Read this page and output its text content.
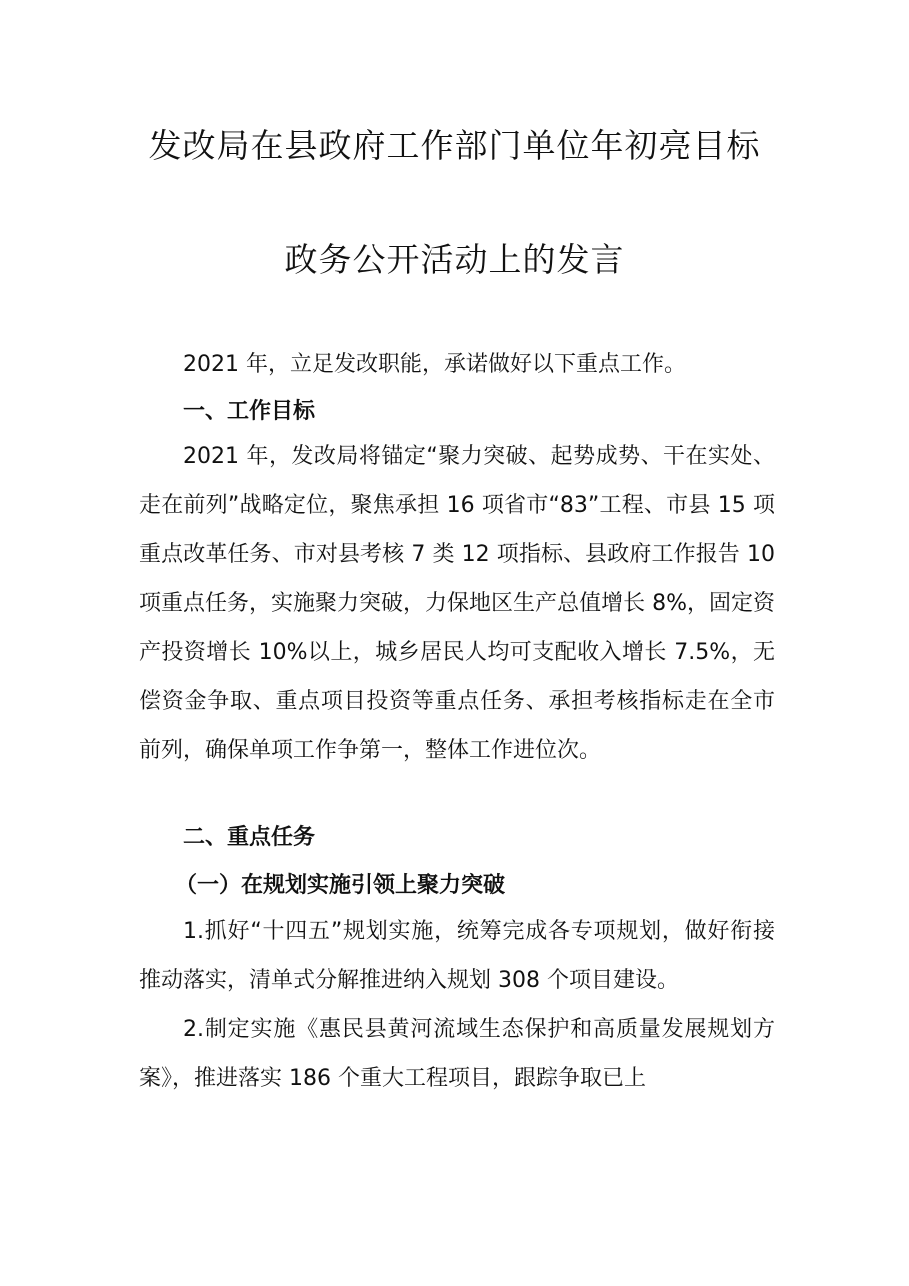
发改局在县政府工作部门单位年初亮目标
政务公开活动上的发言

2021 年，立足发改职能，承诺做好以下重点工作。

一、工作目标

2021 年，发改局将锚定“聚力突破、起势成势、干在实处、走在前列”战略定位，聚焦承担 16 项省市“83”工程、市县 15 项重点改革任务、市对县考核 7 类 12 项指标、县政府工作报告 10 项重点任务，实施聚力突破，力保地区生产总值增长 8%，固定资产投资增长 10%以上，城乡居民人均可支配收入增长 7.5%，无偿资金争取、重点项目投资等重点任务、承担考核指标走在全市前列，确保单项工作争第一，整体工作进位次。

二、重点任务
（一）在规划实施引领上聚力突破

1.抓好“十四五”规划实施，统筹完成各专项规划，做好衔接推动落实，清单式分解推进纳入规划 308 个项目建设。

2.制定实施《惠民县黄河流域生态保护和高质量发展规划方案》，推进落实 186 个重大工程项目，跟踪争取已上
